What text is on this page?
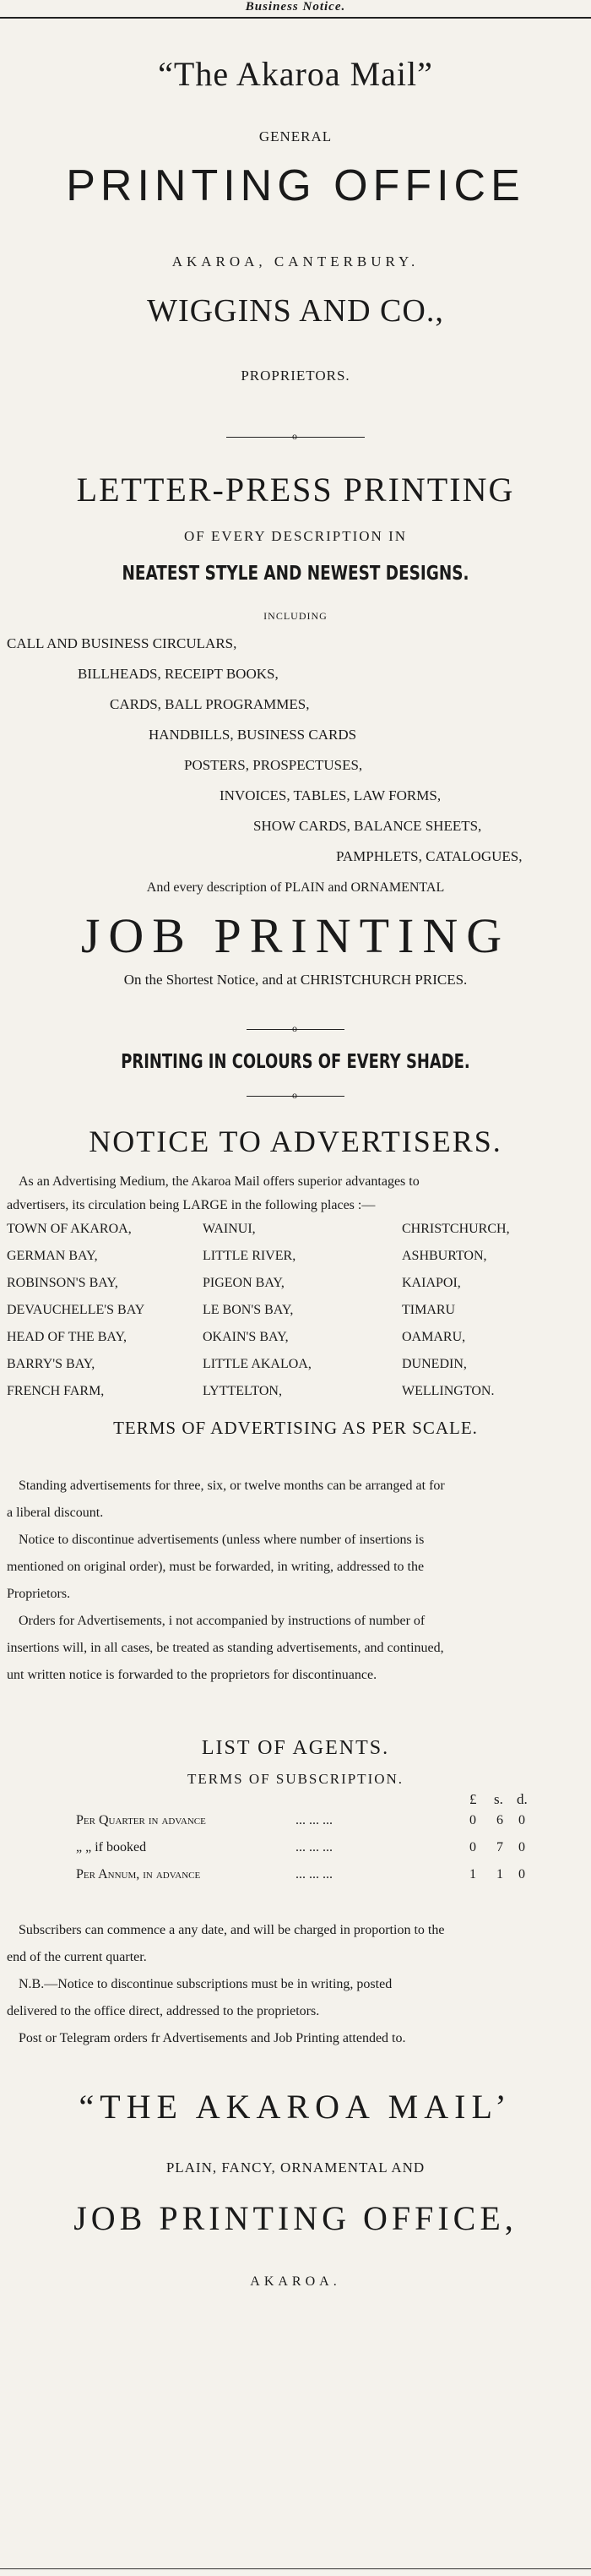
Business Notice.
“The Akaroa Mail”
GENERAL
PRINTING OFFICE
AKAROA, CANTERBURY.
WIGGINS AND CO.,
PROPRIETORS.
o
LETTER-PRESS PRINTING
OF EVERY DESCRIPTION IN
NEATEST STYLE AND NEWEST DESIGNS.
INCLUDING
CALL AND BUSINESS CIRCULARS,
BILLHEADS, RECEIPT BOOKS,
CARDS, BALL PROGRAMMES,
HANDBILLS, BUSINESS CARDS
POSTERS, PROSPECTUSES,
INVOICES, TABLES, LAW FORMS,
SHOW CARDS, BALANCE SHEETS,
PAMPHLETS, CATALOGUES,
And every description of PLAIN and ORNAMENTAL
JOB PRINTING
On the Shortest Notice, and at CHRISTCHURCH PRICES.
o
PRINTING IN COLOURS OF EVERY SHADE.
o
NOTICE TO ADVERTISERS.
As an Advertising Medium, the Akaroa Mail offers superior advantages to
advertisers, its circulation being LARGE in the following places :—
TOWN OF AKAROA,	WAINUI,	CHRISTCHURCH,
GERMAN BAY,	LITTLE RIVER,	ASHBURTON,
ROBINSON'S BAY,	PIGEON BAY,	KAIAPOI,
DEVAUCHELLE'S BAY	LE BON'S BAY,	TIMARU
HEAD OF THE BAY,	OKAIN'S BAY,	OAMARU,
BARRY'S BAY,	LITTLE AKALOA,	DUNEDIN,
FRENCH FARM,	LYTTELTON,	WELLINGTON.
TERMS OF ADVERTISING AS PER SCALE.
Standing advertisements for three, six, or twelve months can be arranged at for
a liberal discount.
Notice to discontinue advertisements (unless where number of insertions is
mentioned on original order), must be forwarded, in writing, addressed to the
Proprietors.
Orders for Advertisements, i not accompanied by instructions of number of
insertions will, in all cases, be treated as standing advertisements, and continued,
unt written notice is forwarded to the proprietors for discontinuance.
LIST OF AGENTS.
TERMS OF SUBSCRIPTION.
£ s. d.
Per Quarter in advance	... ... ...	0 6 0
„ „ if booked	... ... ...	0 7 0
Per Annum, in advance	... ... ...	1 1 0
Subscribers can commence a any date, and will be charged in proportion to the
end of the current quarter.
N.B.—Notice to discontinue subscriptions must be in writing, posted
delivered to the office direct, addressed to the proprietors.
Post or Telegram orders fr Advertisements and Job Printing attended to.
“THE AKAROA MAIL’
PLAIN, FANCY, ORNAMENTAL AND
JOB PRINTING OFFICE,
AKAROA.
